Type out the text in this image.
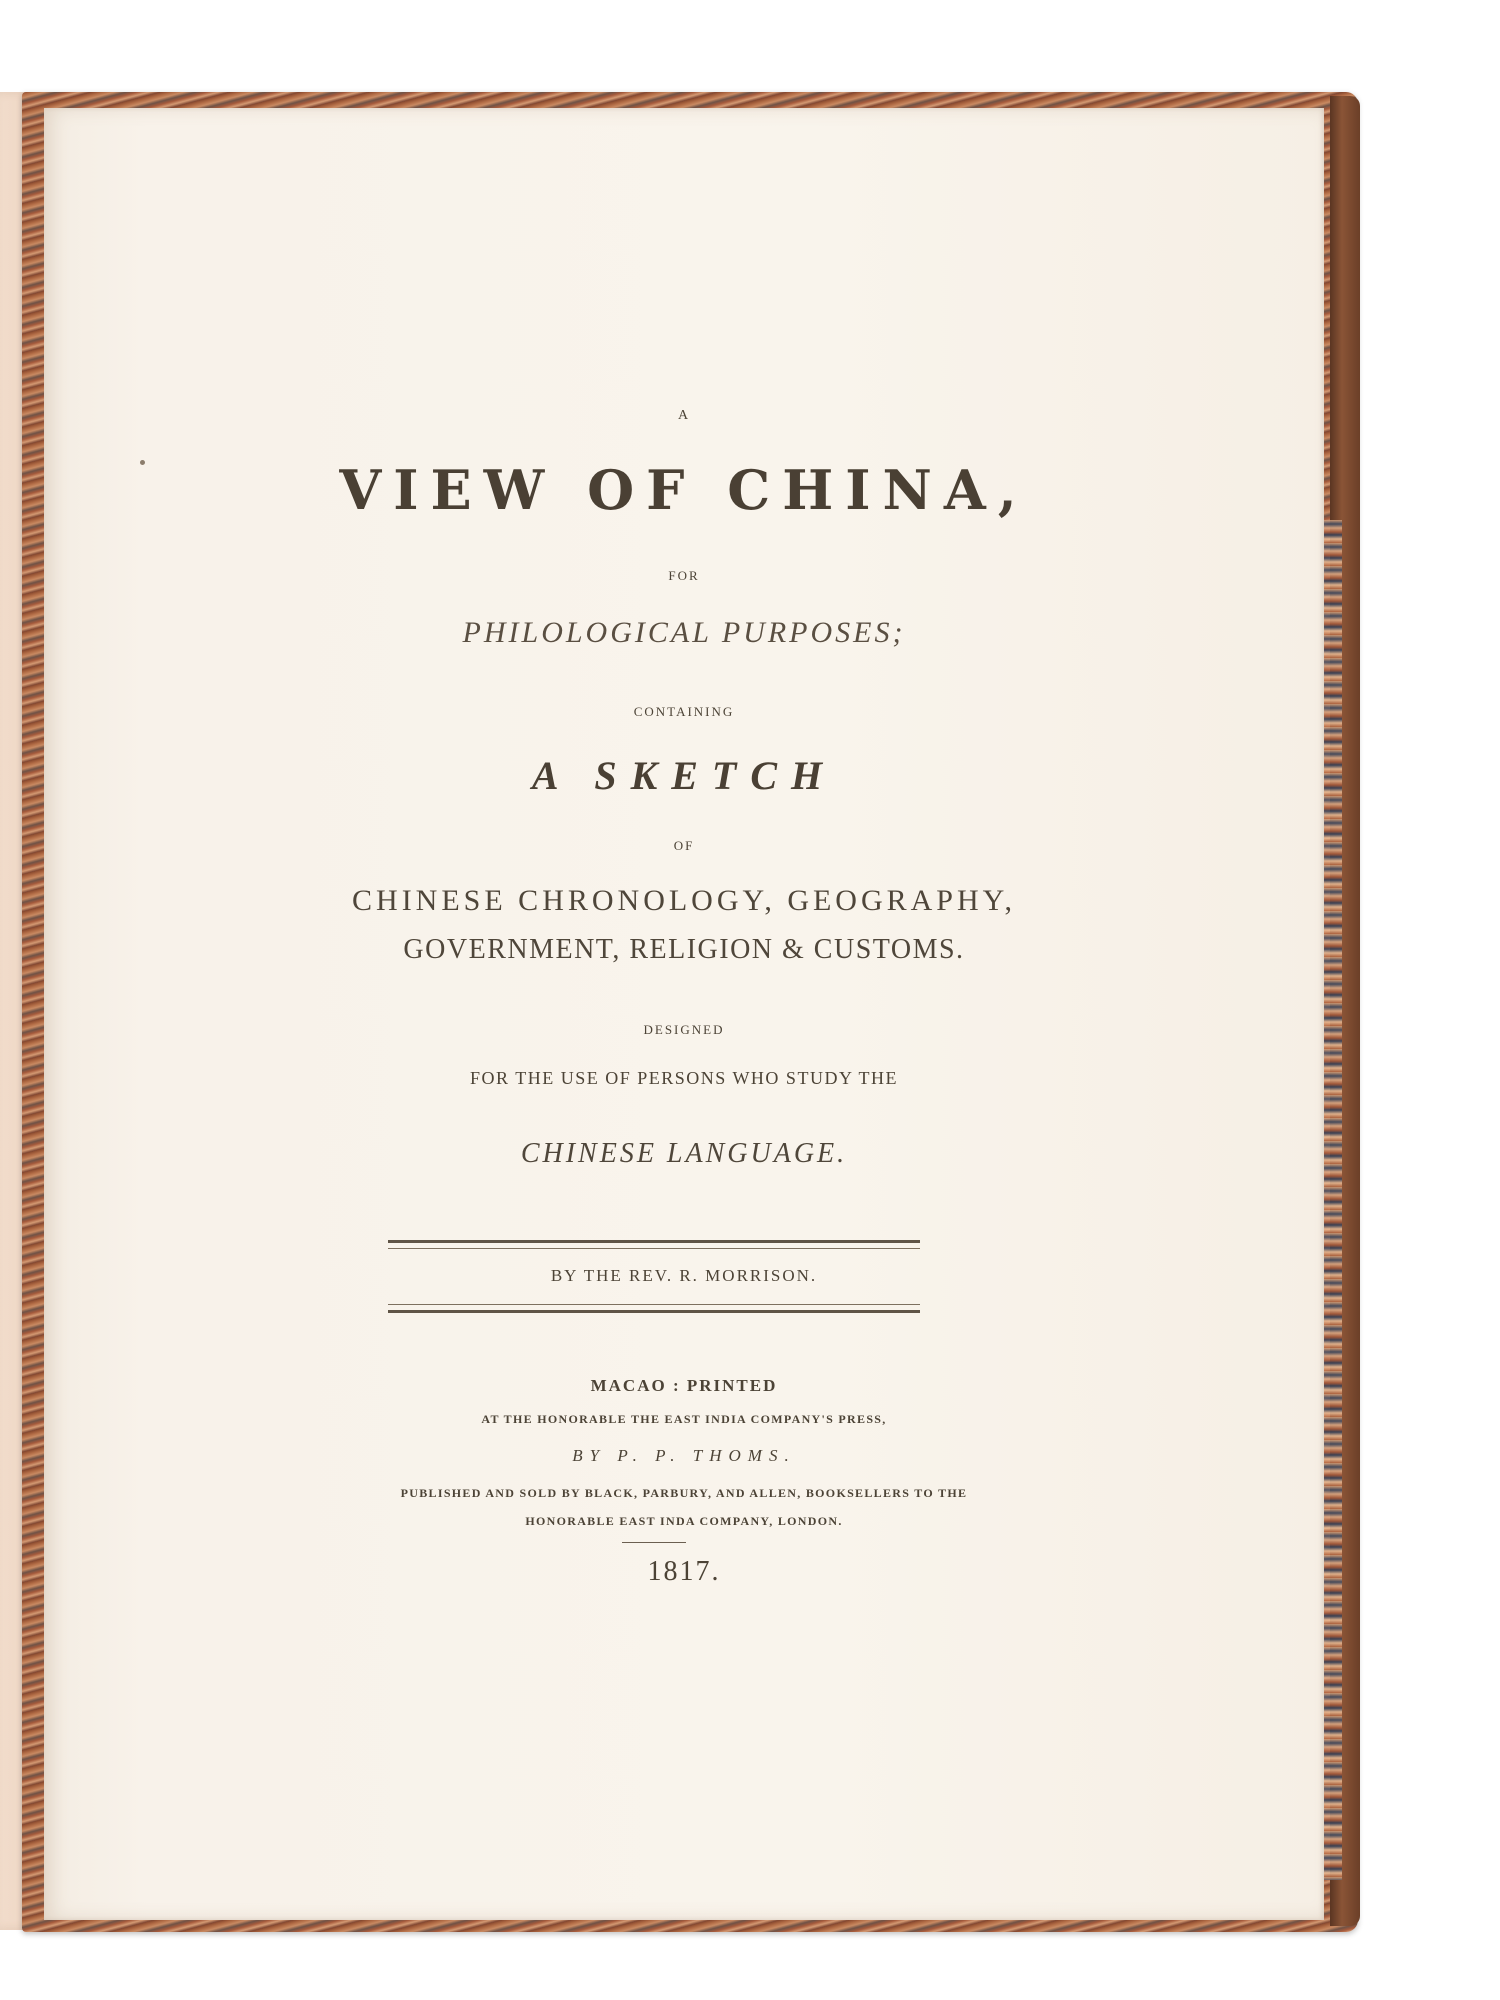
A
VIEW OF CHINA,
FOR
PHILOLOGICAL PURPOSES;
CONTAINING
A SKETCH
OF
CHINESE CHRONOLOGY, GEOGRAPHY,
GOVERNMENT, RELIGION & CUSTOMS.
DESIGNED
FOR THE USE OF PERSONS WHO STUDY THE
CHINESE LANGUAGE.
BY THE REV. R. MORRISON.
MACAO : PRINTED
AT THE HONORABLE THE EAST INDIA COMPANY'S PRESS,
BY P. P. THOMS.
PUBLISHED AND SOLD BY BLACK, PARBURY, AND ALLEN, BOOKSELLERS TO THE
HONORABLE EAST INDA COMPANY, LONDON.
1817.
